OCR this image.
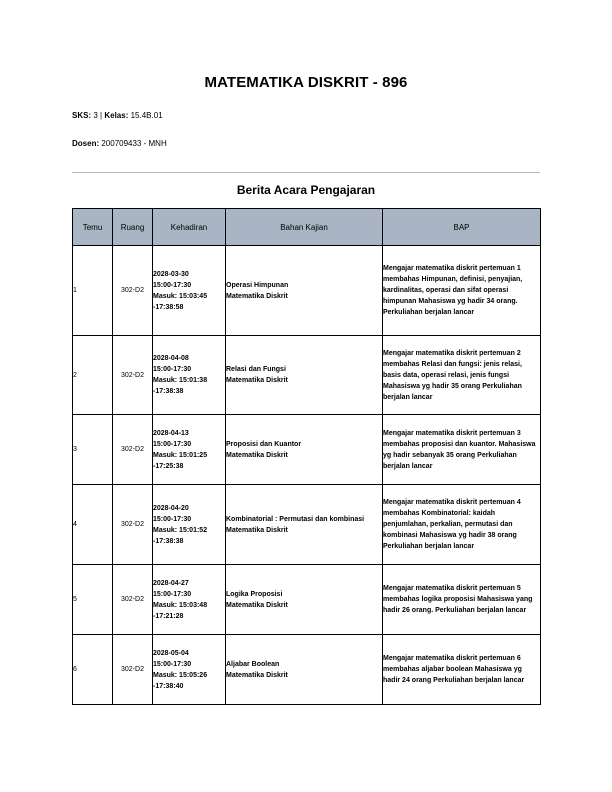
MATEMATIKA DISKRIT - 896
SKS: 3 | Kelas: 15.4B.01
Dosen: 200709433 - MNH
Berita Acara Pengajaran
Temu	Ruang	Kehadiran	Bahan Kajian	BAP
1	302-D2	2028-03-30
15:00-17:30
Masuk: 15:03:45
-17:38:58	Operasi Himpunan
Matematika Diskrit	Mengajar matematika diskrit pertemuan 1 membahas Himpunan, definisi, penyajian, kardinalitas, operasi dan sifat operasi himpunan Mahasiswa yg hadir 34 orang. Perkuliahan berjalan lancar
2	302-D2	2028-04-08
15:00-17:30
Masuk: 15:01:38
-17:38:38	Relasi dan Fungsi
Matematika Diskrit	Mengajar matematika diskrit pertemuan 2 membahas Relasi dan fungsi: jenis relasi, basis data, operasi relasi, jenis fungsi Mahasiswa yg hadir 35 orang Perkuliahan berjalan lancar
3	302-D2	2028-04-13
15:00-17:30
Masuk: 15:01:25
-17:25:38	Proposisi dan Kuantor
Matematika Diskrit	Mengajar matematika diskrit pertemuan 3 membahas proposisi dan kuantor. Mahasiswa yg hadir sebanyak 35 orang Perkuliahan berjalan lancar
4	302-D2	2028-04-20
15:00-17:30
Masuk: 15:01:52
-17:38:38	Kombinatorial : Permutasi dan kombinasi
Matematika Diskrit	Mengajar matematika diskrit pertemuan 4 membahas Kombinatorial: kaidah penjumlahan, perkalian, permutasi dan kombinasi Mahasiswa yg hadir 38 orang Perkuliahan berjalan lancar
5	302-D2	2028-04-27
15:00-17:30
Masuk: 15:03:48
-17:21:28	Logika Proposisi
Matematika Diskrit	Mengajar matematika diskrit pertemuan 5 membahas logika proposisi Mahasiswa yang hadir 26 orang. Perkuliahan berjalan lancar
6	302-D2	2028-05-04
15:00-17:30
Masuk: 15:05:26
-17:38:40	Aljabar Boolean
Matematika Diskrit	Mengajar matematika diskrit pertemuan 6 membahas aljabar boolean Mahasiswa yg hadir 24 orang Perkuliahan berjalan lancar
